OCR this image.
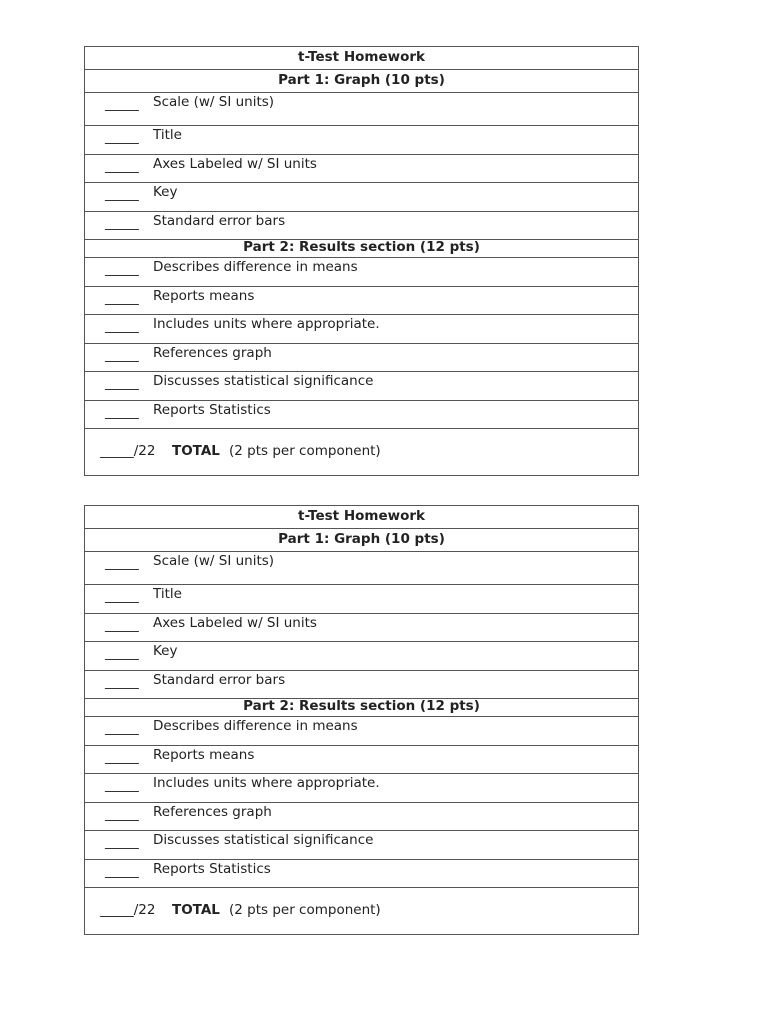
t-Test Homework
Part 1: Graph (10 pts)
_____ Scale (w/ SI units)
_____ Title
_____ Axes Labeled w/ SI units
_____ Key
_____ Standard error bars
Part 2: Results section (12 pts)
_____ Describes difference in means
_____ Reports means
_____ Includes units where appropriate.
_____ References graph
_____ Discusses statistical significance
_____ Reports Statistics
_____/22 TOTAL (2 pts per component)
t-Test Homework
Part 1: Graph (10 pts)
_____ Scale (w/ SI units)
_____ Title
_____ Axes Labeled w/ SI units
_____ Key
_____ Standard error bars
Part 2: Results section (12 pts)
_____ Describes difference in means
_____ Reports means
_____ Includes units where appropriate.
_____ References graph
_____ Discusses statistical significance
_____ Reports Statistics
_____/22 TOTAL (2 pts per component)
